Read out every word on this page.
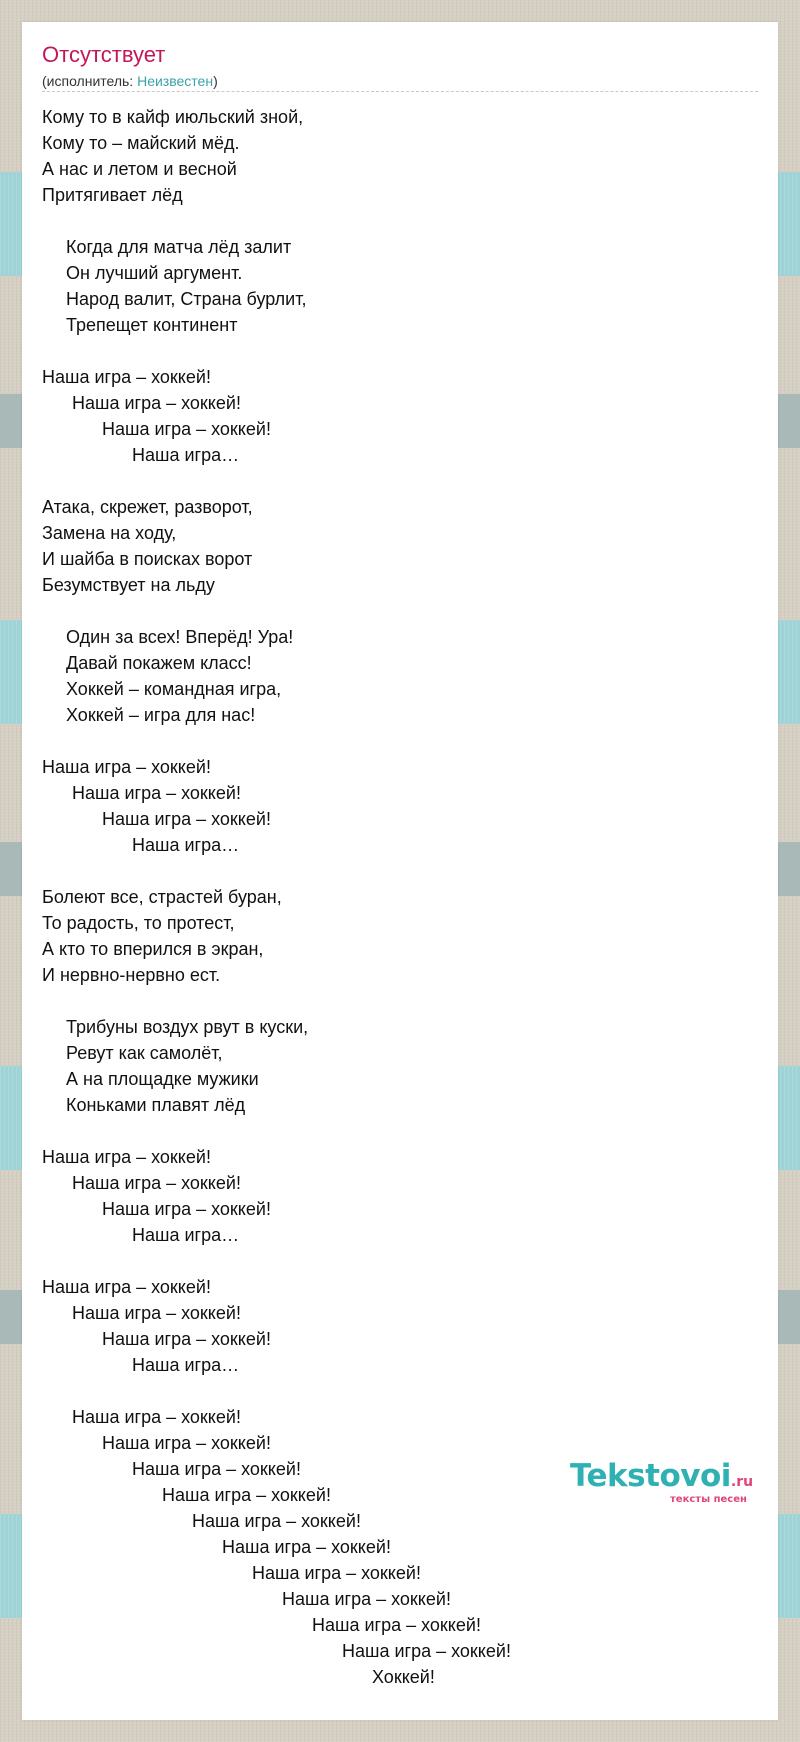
Отсутствует
(исполнитель: Неизвестен)
Кому то в кайф июльский зной,
Кому то – майский мёд.
А нас и летом и весной
Притягивает лёд
Когда для матча лёд залит
Он лучший аргумент.
Народ валит, Страна бурлит,
Трепещет континент
Наша игра – хоккей!
Наша игра – хоккей!
Наша игра – хоккей!
Наша игра…
Атака, скрежет, разворот,
Замена на ходу,
И шайба в поисках ворот
Безумствует на льду
Один за всех! Вперёд! Ура!
Давай покажем класс!
Хоккей – командная игра,
Хоккей – игра для нас!
Наша игра – хоккей!
Наша игра – хоккей!
Наша игра – хоккей!
Наша игра…
Болеют все, страстей буран,
То радость, то протест,
А кто то вперился в экран,
И нервно-нервно ест.
Трибуны воздух рвут в куски,
Ревут как самолёт,
А на площадке мужики
Коньками плавят лёд
Наша игра – хоккей!
Наша игра – хоккей!
Наша игра – хоккей!
Наша игра…
Наша игра – хоккей!
Наша игра – хоккей!
Наша игра – хоккей!
Наша игра…
Наша игра – хоккей!
Наша игра – хоккей!
Наша игра – хоккей!
Наша игра – хоккей!
Наша игра – хоккей!
Наша игра – хоккей!
Наша игра – хоккей!
Наша игра – хоккей!
Наша игра – хоккей!
Наша игра – хоккей!
Хоккей!
Tekstovoi.ru
тексты песен
